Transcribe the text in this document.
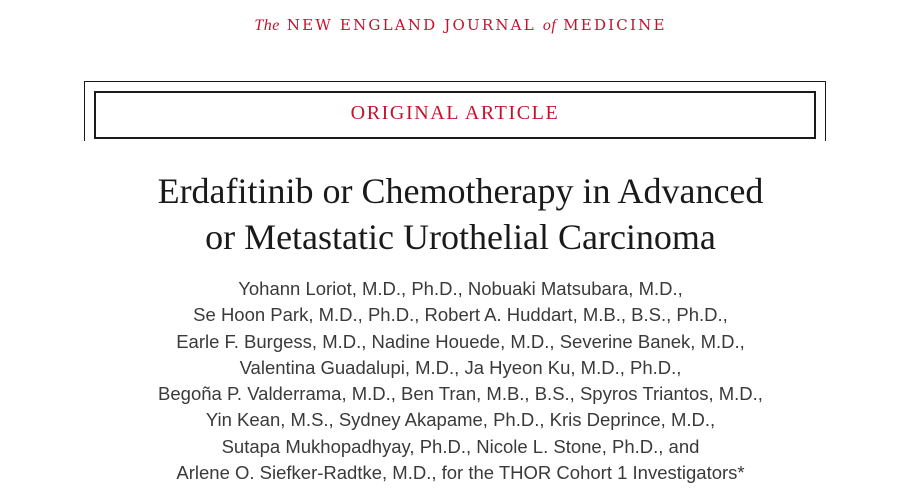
The NEW ENGLAND JOURNAL of MEDICINE
ORIGINAL ARTICLE
Erdafitinib or Chemotherapy in Advanced
or Metastatic Urothelial Carcinoma

Yohann Loriot, M.D., Ph.D., Nobuaki Matsubara, M.D.,
Se Hoon Park, M.D., Ph.D., Robert A. Huddart, M.B., B.S., Ph.D.,
Earle F. Burgess, M.D., Nadine Houede, M.D., Severine Banek, M.D.,
Valentina Guadalupi, M.D., Ja Hyeon Ku, M.D., Ph.D.,
Begoña P. Valderrama, M.D., Ben Tran, M.B., B.S., Spyros Triantos, M.D.,
Yin Kean, M.S., Sydney Akapame, Ph.D., Kris Deprince, M.D.,
Sutapa Mukhopadhyay, Ph.D., Nicole L. Stone, Ph.D., and
Arlene O. Siefker-Radtke, M.D., for the THOR Cohort 1 Investigators*
